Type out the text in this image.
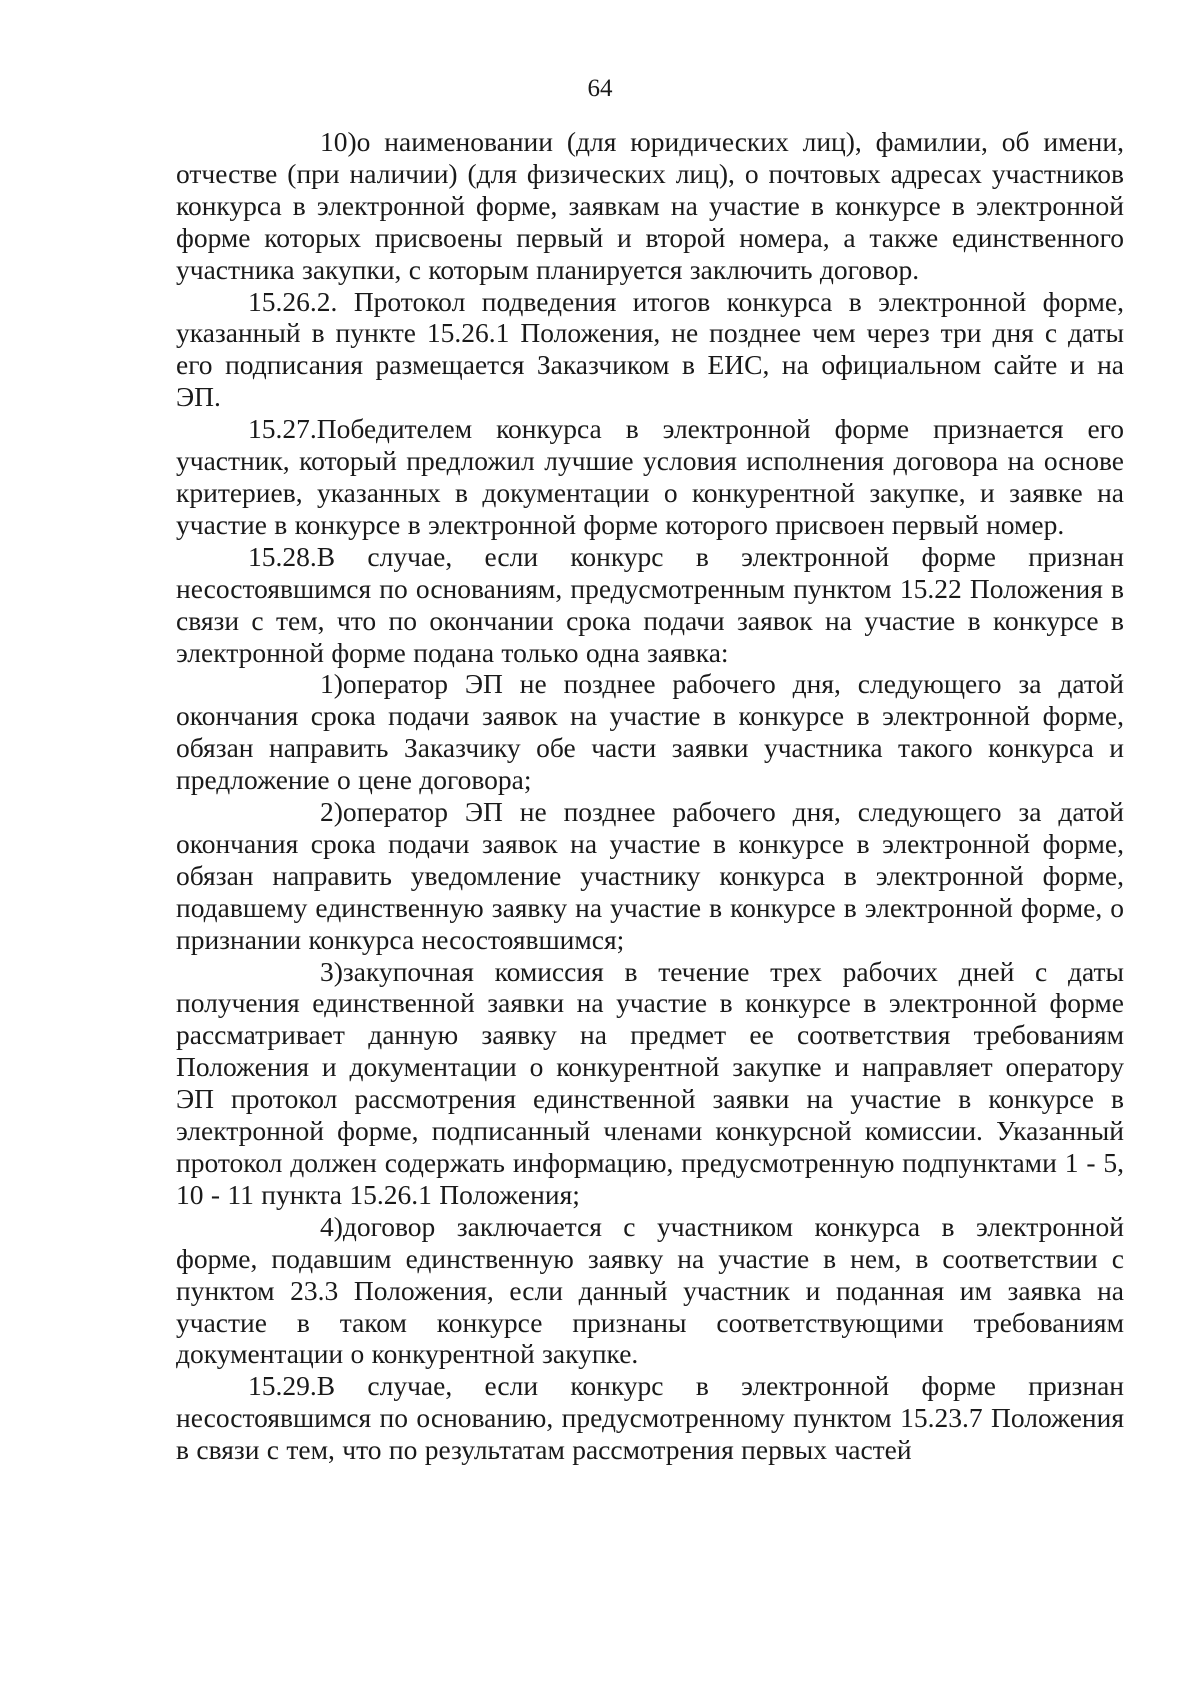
64

10)о наименовании (для юридических лиц), фамилии, об имени, отчестве (при наличии) (для физических лиц), о почтовых адресах участников конкурса в электронной форме, заявкам на участие в конкурсе в электронной форме которых присвоены первый и второй номера, а также единственного участника закупки, с которым планируется заключить договор.

15.26.2. Протокол подведения итогов конкурса в электронной форме, указанный в пункте 15.26.1 Положения, не позднее чем через три дня с даты его подписания размещается Заказчиком в ЕИС, на официальном сайте и на ЭП.

15.27.Победителем конкурса в электронной форме признается его участник, который предложил лучшие условия исполнения договора на основе критериев, указанных в документации о конкурентной закупке, и заявке на участие в конкурсе в электронной форме которого присвоен первый номер.

15.28.В случае, если конкурс в электронной форме признан несостоявшимся по основаниям, предусмотренным пунктом 15.22 Положения в связи с тем, что по окончании срока подачи заявок на участие в конкурсе в электронной форме подана только одна заявка:

1)оператор ЭП не позднее рабочего дня, следующего за датой окончания срока подачи заявок на участие в конкурсе в электронной форме, обязан направить Заказчику обе части заявки участника такого конкурса и предложение о цене договора;

2)оператор ЭП не позднее рабочего дня, следующего за датой окончания срока подачи заявок на участие в конкурсе в электронной форме, обязан направить уведомление участнику конкурса в электронной форме, подавшему единственную заявку на участие в конкурсе в электронной форме, о признании конкурса несостоявшимся;

3)закупочная комиссия в течение трех рабочих дней с даты получения единственной заявки на участие в конкурсе в электронной форме рассматривает данную заявку на предмет ее соответствия требованиям Положения и документации о конкурентной закупке и направляет оператору ЭП протокол рассмотрения единственной заявки на участие в конкурсе в электронной форме, подписанный членами конкурсной комиссии. Указанный протокол должен содержать информацию, предусмотренную подпунктами 1 - 5, 10 - 11 пункта 15.26.1 Положения;

4)договор заключается с участником конкурса в электронной форме, подавшим единственную заявку на участие в нем, в соответствии с пунктом 23.3 Положения, если данный участник и поданная им заявка на участие в таком конкурсе признаны соответствующими требованиям документации о конкурентной закупке.

15.29.В случае, если конкурс в электронной форме признан несостоявшимся по основанию, предусмотренному пунктом 15.23.7 Положения в связи с тем, что по результатам рассмотрения первых частей
